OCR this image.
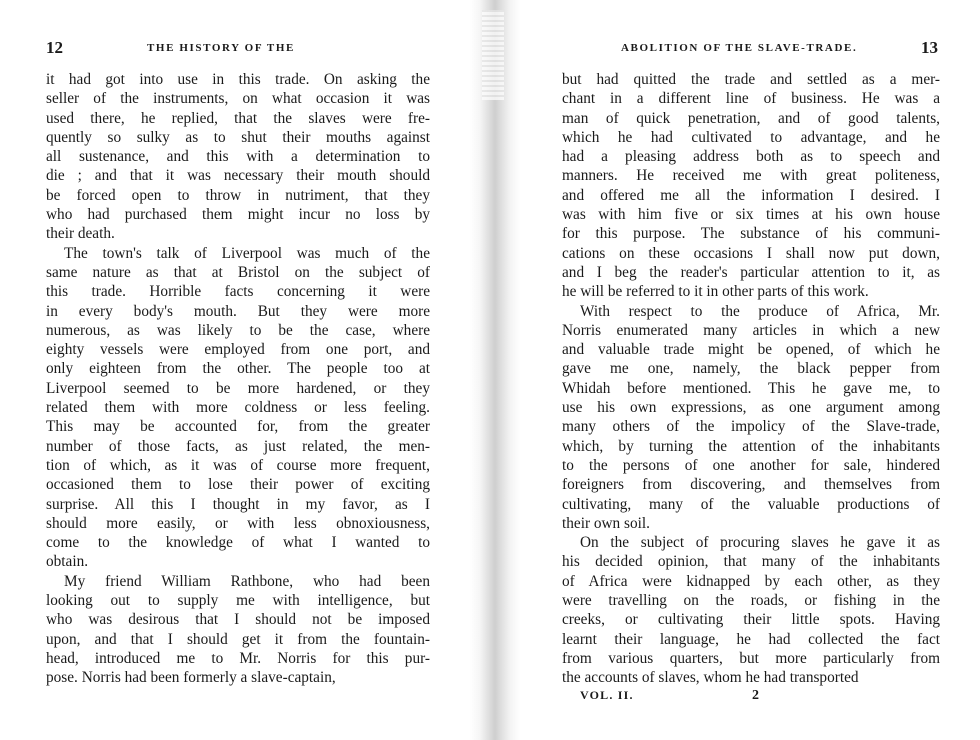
12	THE HISTORY OF THE
it had got into use in this trade. On asking the
seller of the instruments, on what occasion it was
used there, he replied, that the slaves were fre-
quently so sulky as to shut their mouths against
all sustenance, and this with a determination to
die ; and that it was necessary their mouth should
be forced open to throw in nutriment, that they
who had purchased them might incur no loss by
their death.
The town's talk of Liverpool was much of the
same nature as that at Bristol on the subject of
this trade. Horrible facts concerning it were
in every body's mouth. But they were more
numerous, as was likely to be the case, where
eighty vessels were employed from one port, and
only eighteen from the other. The people too at
Liverpool seemed to be more hardened, or they
related them with more coldness or less feeling.
This may be accounted for, from the greater
number of those facts, as just related, the men-
tion of which, as it was of course more frequent,
occasioned them to lose their power of exciting
surprise. All this I thought in my favor, as I
should more easily, or with less obnoxiousness,
come to the knowledge of what I wanted to
obtain.
My friend William Rathbone, who had been
looking out to supply me with intelligence, but
who was desirous that I should not be imposed
upon, and that I should get it from the fountain-
head, introduced me to Mr. Norris for this pur-
pose. Norris had been formerly a slave-captain,
ABOLITION OF THE SLAVE-TRADE.	13
but had quitted the trade and settled as a mer-
chant in a different line of business. He was a
man of quick penetration, and of good talents,
which he had cultivated to advantage, and he
had a pleasing address both as to speech and
manners. He received me with great politeness,
and offered me all the information I desired. I
was with him five or six times at his own house
for this purpose. The substance of his communi-
cations on these occasions I shall now put down,
and I beg the reader's particular attention to it, as
he will be referred to it in other parts of this work.
With respect to the produce of Africa, Mr.
Norris enumerated many articles in which a new
and valuable trade might be opened, of which he
gave me one, namely, the black pepper from
Whidah before mentioned. This he gave me, to
use his own expressions, as one argument among
many others of the impolicy of the Slave-trade,
which, by turning the attention of the inhabitants
to the persons of one another for sale, hindered
foreigners from discovering, and themselves from
cultivating, many of the valuable productions of
their own soil.
On the subject of procuring slaves he gave it as
his decided opinion, that many of the inhabitants
of Africa were kidnapped by each other, as they
were travelling on the roads, or fishing in the
creeks, or cultivating their little spots. Having
learnt their language, he had collected the fact
from various quarters, but more particularly from
the accounts of slaves, whom he had transported
VOL. II.	2
